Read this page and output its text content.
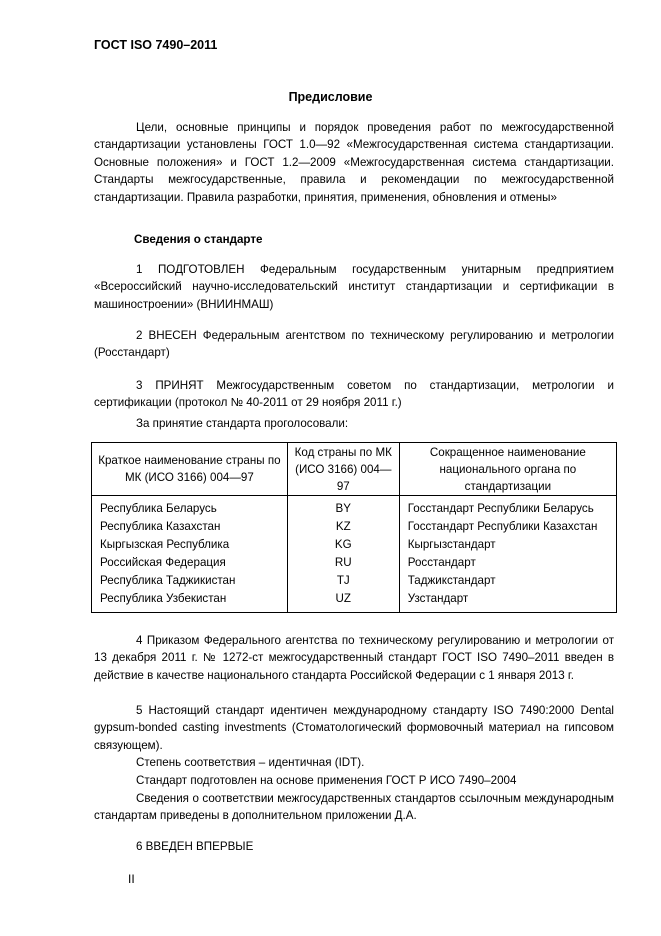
ГОСТ ISO 7490–2011
Предисловие

Цели, основные принципы и порядок проведения работ по межгосударственной стандартизации установлены ГОСТ 1.0—92 «Межгосударственная система стандартизации. Основные положения» и ГОСТ 1.2—2009 «Межгосударственная система стандартизации. Стандарты межгосударственные, правила и рекомендации по межгосударственной стандартизации. Правила разработки, принятия, применения, обновления и отмены»

Сведения о стандарте

1 ПОДГОТОВЛЕН Федеральным государственным унитарным предприятием «Всероссийский научно-исследовательский институт стандартизации и сертификации в машиностроении» (ВНИИНМАШ)

2 ВНЕСЕН Федеральным агентством по техническому регулированию и метрологии (Росстандарт)

3 ПРИНЯТ Межгосударственным советом по стандартизации, метрологии и сертификации (протокол № 40-2011 от 29 ноября 2011 г.)

За принятие стандарта проголосовали:

Краткое наименование страны по МК (ИСО 3166) 004—97	Код страны по МК (ИСО 3166) 004—97	Сокращенное наименование национального органа по стандартизации
Республика Беларусь	BY	Госстандарт Республики Беларусь
Республика Казахстан	KZ	Госстандарт Республики Казахстан
Кыргызская Республика	KG	Кыргызстандарт
Российская Федерация	RU	Росстандарт
Республика Таджикистан	TJ	Таджикстандарт
Республика Узбекистан	UZ	Узстандарт

4 Приказом Федерального агентства по техническому регулированию и метрологии от 13 декабря 2011 г. № 1272-ст межгосударственный стандарт ГОСТ ISO 7490–2011 введен в действие в качестве национального стандарта Российской Федерации с 1 января 2013 г.

5 Настоящий стандарт идентичен международному стандарту ISO 7490:2000 Dental gypsum-bonded casting investments (Стоматологический формовочный материал на гипсовом связующем).

Степень соответствия – идентичная (IDT).

Стандарт подготовлен на основе применения ГОСТ Р ИСО 7490–2004

Сведения о соответствии межгосударственных стандартов ссылочным международным стандартам приведены в дополнительном приложении Д.А.

6 ВВЕДЕН ВПЕРВЫЕ

II
